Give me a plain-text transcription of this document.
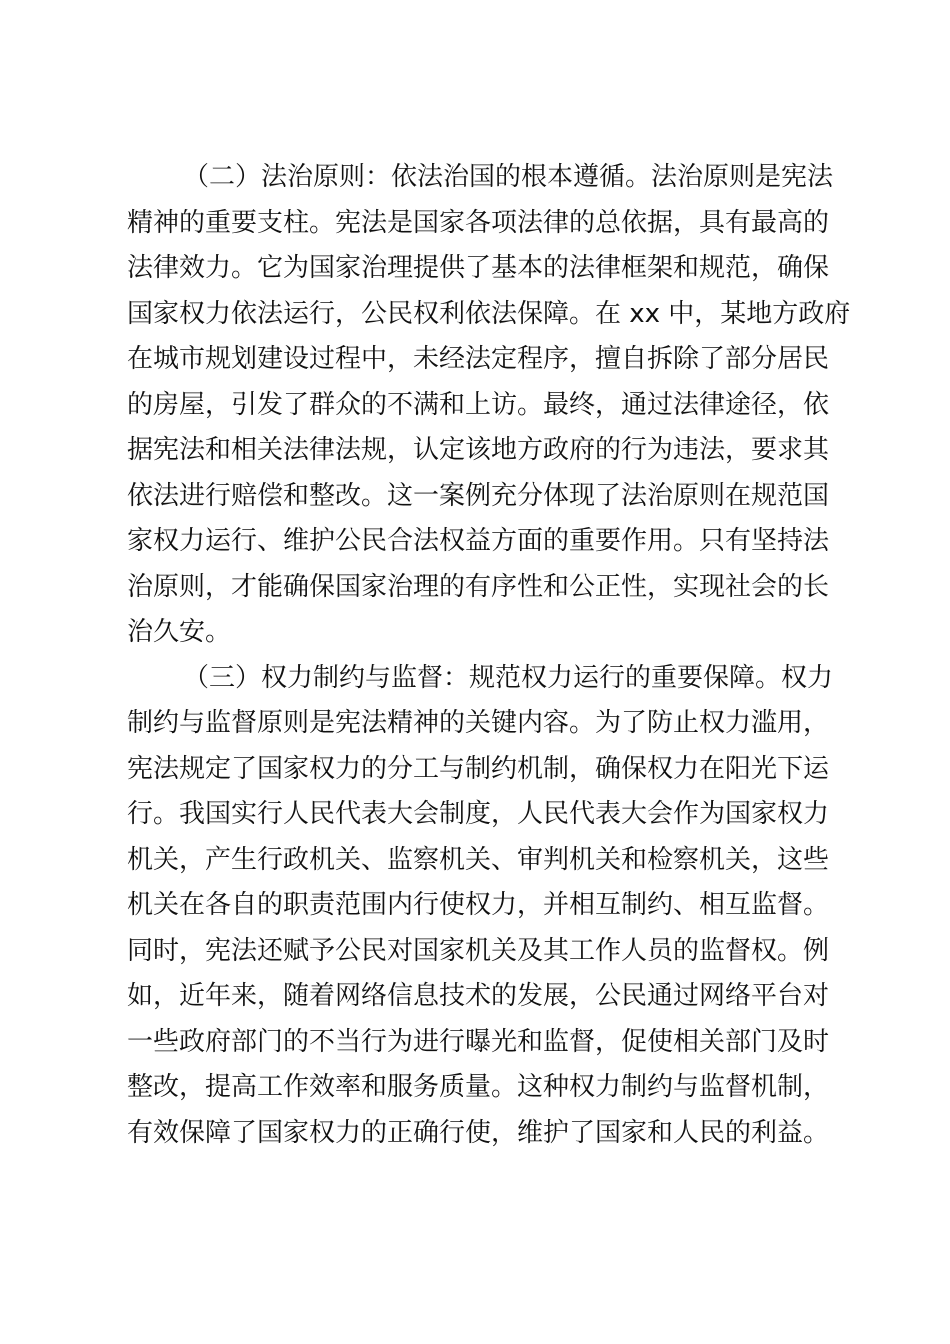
（二）法治原则：依法治国的根本遵循。法治原则是宪法
精神的重要支柱。宪法是国家各项法律的总依据，具有最高的
法律效力。它为国家治理提供了基本的法律框架和规范，确保
国家权力依法运行，公民权利依法保障。在 xx 中，某地方政府
在城市规划建设过程中，未经法定程序，擅自拆除了部分居民
的房屋，引发了群众的不满和上访。最终，通过法律途径，依
据宪法和相关法律法规，认定该地方政府的行为违法，要求其
依法进行赔偿和整改。这一案例充分体现了法治原则在规范国
家权力运行、维护公民合法权益方面的重要作用。只有坚持法
治原则，才能确保国家治理的有序性和公正性，实现社会的长
治久安。
（三）权力制约与监督：规范权力运行的重要保障。权力
制约与监督原则是宪法精神的关键内容。为了防止权力滥用，
宪法规定了国家权力的分工与制约机制，确保权力在阳光下运
行。我国实行人民代表大会制度，人民代表大会作为国家权力
机关，产生行政机关、监察机关、审判机关和检察机关，这些
机关在各自的职责范围内行使权力，并相互制约、相互监督。
同时，宪法还赋予公民对国家机关及其工作人员的监督权。例
如，近年来，随着网络信息技术的发展，公民通过网络平台对
一些政府部门的不当行为进行曝光和监督，促使相关部门及时
整改，提高工作效率和服务质量。这种权力制约与监督机制，
有效保障了国家权力的正确行使，维护了国家和人民的利益。
